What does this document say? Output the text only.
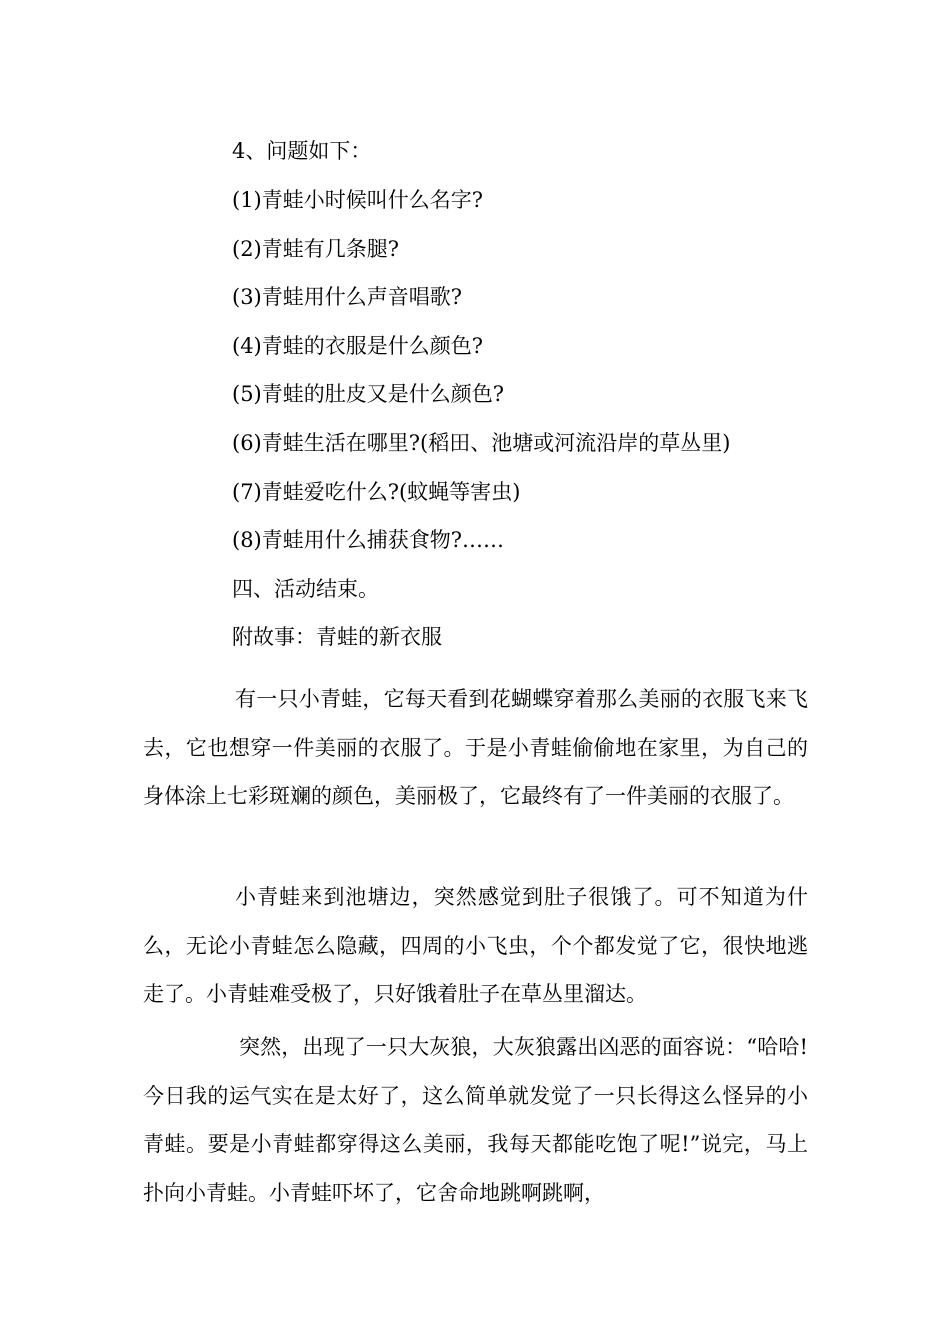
4、问题如下：

(1)青蛙小时候叫什么名字?

(2)青蛙有几条腿?

(3)青蛙用什么声音唱歌?

(4)青蛙的衣服是什么颜色?

(5)青蛙的肚皮又是什么颜色?

(6)青蛙生活在哪里?(稻田、池塘或河流沿岸的草丛里)

(7)青蛙爱吃什么?(蚊蝇等害虫)

(8)青蛙用什么捕获食物?……

四、活动结束。

附故事：青蛙的新衣服

有一只小青蛙，它每天看到花蝴蝶穿着那么美丽的衣服飞来飞去，它也想穿一件美丽的衣服了。于是小青蛙偷偷地在家里，为自己的身体涂上七彩斑斓的颜色，美丽极了，它最终有了一件美丽的衣服了。

小青蛙来到池塘边，突然感觉到肚子很饿了。可不知道为什么，无论小青蛙怎么隐藏，四周的小飞虫，个个都发觉了它，很快地逃走了。小青蛙难受极了，只好饿着肚子在草丛里溜达。

突然，出现了一只大灰狼，大灰狼露出凶恶的面容说：“哈哈!今日我的运气实在是太好了，这么简单就发觉了一只长得这么怪异的小青蛙。要是小青蛙都穿得这么美丽，我每天都能吃饱了呢!”说完，马上扑向小青蛙。小青蛙吓坏了，它舍命地跳啊跳啊，
